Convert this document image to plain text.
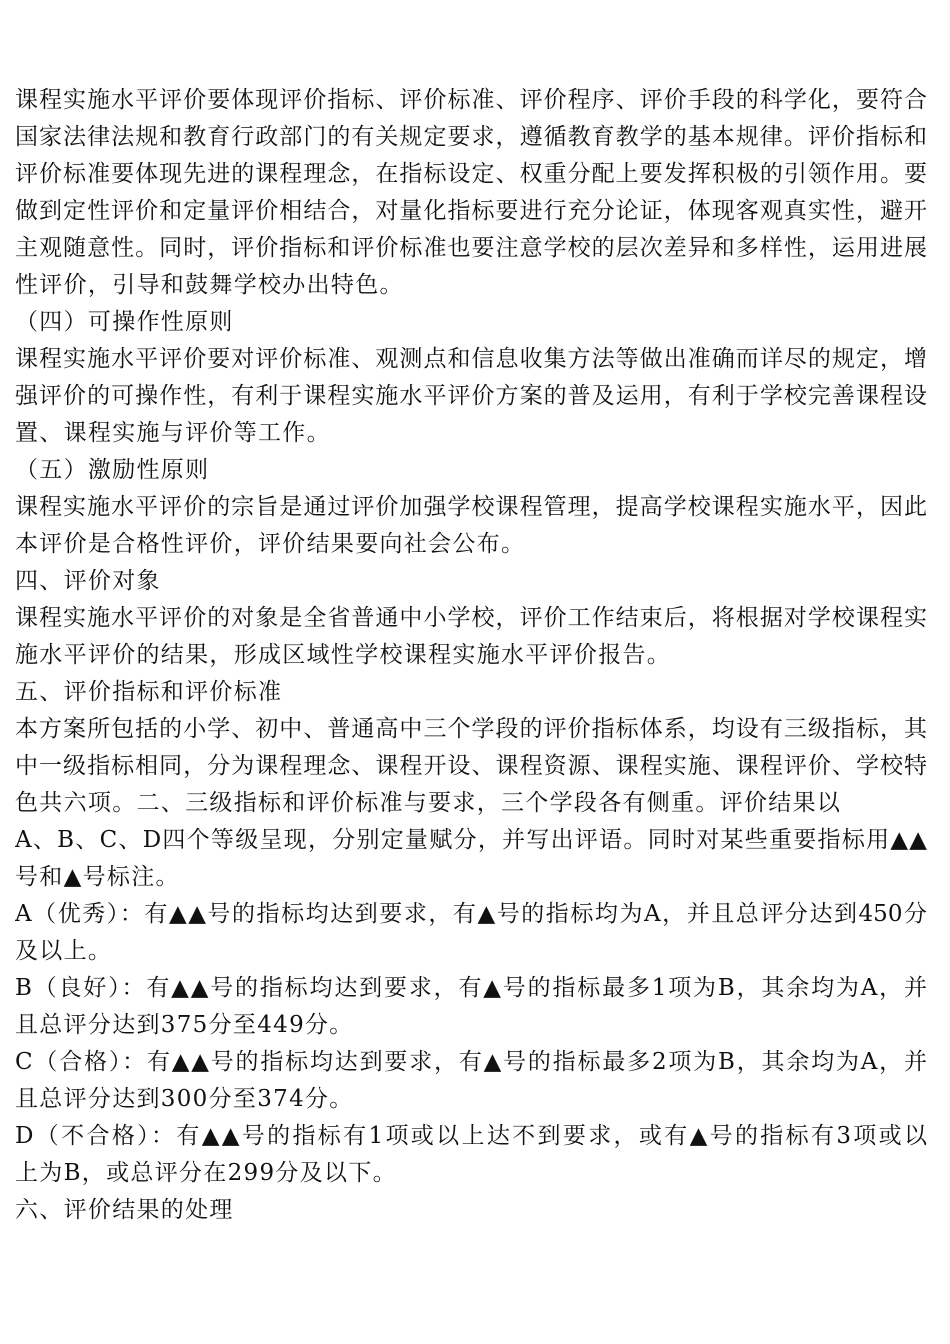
课程实施水平评价要体现评价指标、评价标准、评价程序、评价手段的科学化，要符合
国家法律法规和教育行政部门的有关规定要求，遵循教育教学的基本规律。评价指标和
评价标准要体现先进的课程理念，在指标设定、权重分配上要发挥积极的引领作用。要
做到定性评价和定量评价相结合，对量化指标要进行充分论证，体现客观真实性，避开
主观随意性。同时，评价指标和评价标准也要注意学校的层次差异和多样性，运用进展
性评价，引导和鼓舞学校办出特色。
（四）可操作性原则
课程实施水平评价要对评价标准、观测点和信息收集方法等做出准确而详尽的规定，增
强评价的可操作性，有利于课程实施水平评价方案的普及运用，有利于学校完善课程设
置、课程实施与评价等工作。
（五）激励性原则
课程实施水平评价的宗旨是通过评价加强学校课程管理，提高学校课程实施水平，因此
本评价是合格性评价，评价结果要向社会公布。
四、评价对象
课程实施水平评价的对象是全省普通中小学校，评价工作结束后，将根据对学校课程实
施水平评价的结果，形成区域性学校课程实施水平评价报告。
五、评价指标和评价标准
本方案所包括的小学、初中、普通高中三个学段的评价指标体系，均设有三级指标，其
中一级指标相同，分为课程理念、课程开设、课程资源、课程实施、课程评价、学校特
色共六项。二、三级指标和评价标准与要求，三个学段各有侧重。评价结果以
A、B、C、D四个等级呈现，分别定量赋分，并写出评语。同时对某些重要指标用▲▲
号和▲号标注。
A（优秀）：有▲▲号的指标均达到要求，有▲号的指标均为A，并且总评分达到450分
及以上。
B（良好）：有▲▲号的指标均达到要求，有▲号的指标最多1项为B，其余均为A，并
且总评分达到375分至449分。
C（合格）：有▲▲号的指标均达到要求，有▲号的指标最多2项为B，其余均为A，并
且总评分达到300分至374分。
D（不合格）：有▲▲号的指标有1项或以上达不到要求，或有▲号的指标有3项或以
上为B，或总评分在299分及以下。
六、评价结果的处理
